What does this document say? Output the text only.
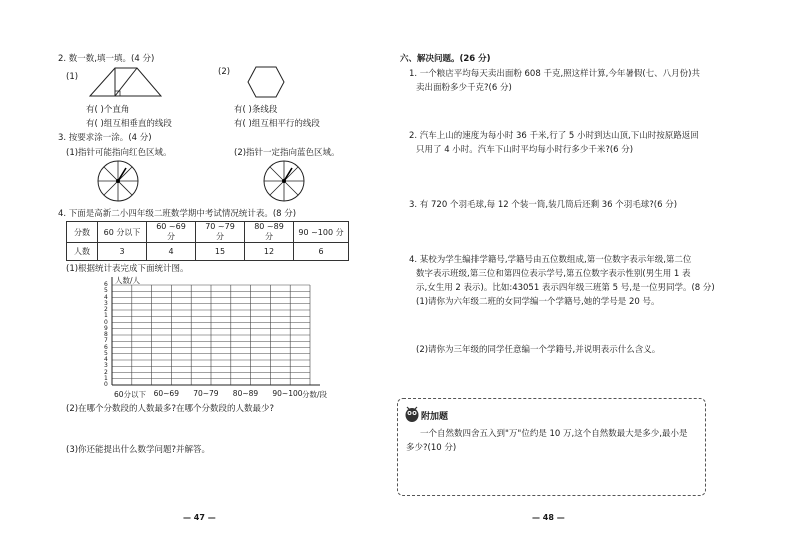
2. 数一数,填一填。(4 分)
(1)	(2)
有( )个直角
有( )组互相垂直的线段
有( )条线段
有( )组互相平行的线段
3. 按要求涂一涂。(4 分)
(1)指针可能指向红色区域。	(2)指针一定指向蓝色区域。
4. 下面是高新二小四年级二班数学期中考试情况统计表。(8 分)
分数	60 分以下	60 ~69 分	70 ~79 分	80 ~89 分	90 ~100 分
人数	3	4	15	12	6
(1)根据统计表完成下面统计图。
人数/人
分数/段
60分以下 60~69 70~79 80~89 90~100
0
1
2
3
4
5
6
7
8
9
0
1
2
3
4
5
6
(2)在哪个分数段的人数最多?在哪个分数段的人数最少?
(3)你还能提出什么数学问题?并解答。
— 47 —
六、解决问题。(26 分)
1. 一个粮店平均每天卖出面粉 608 千克,照这样计算,今年暑假(七、八月份)共
卖出面粉多少千克?(6 分)
2. 汽车上山的速度为每小时 36 千米,行了 5 小时到达山顶,下山时按原路返回
只用了 4 小时。汽车下山时平均每小时行多少千米?(6 分)
3. 有 720 个羽毛球,每 12 个装一筒,装几筒后还剩 36 个羽毛球?(6 分)
4. 某校为学生编排学籍号,学籍号由五位数组成,第一位数字表示年级,第二位
数字表示班级,第三位和第四位表示学号,第五位数字表示性别(男生用 1 表
示,女生用 2 表示)。比如:43051 表示四年级三班第 5 号,是一位男同学。(8 分)
(1)请你为六年级二班的女同学编一个学籍号,她的学号是 20 号。
(2)请你为三年级的同学任意编一个学籍号,并说明表示什么含义。
— 48 —
附加题
一个自然数四舍五入到"万"位约是 10 万,这个自然数最大是多少,最小是
多少?(10 分)
